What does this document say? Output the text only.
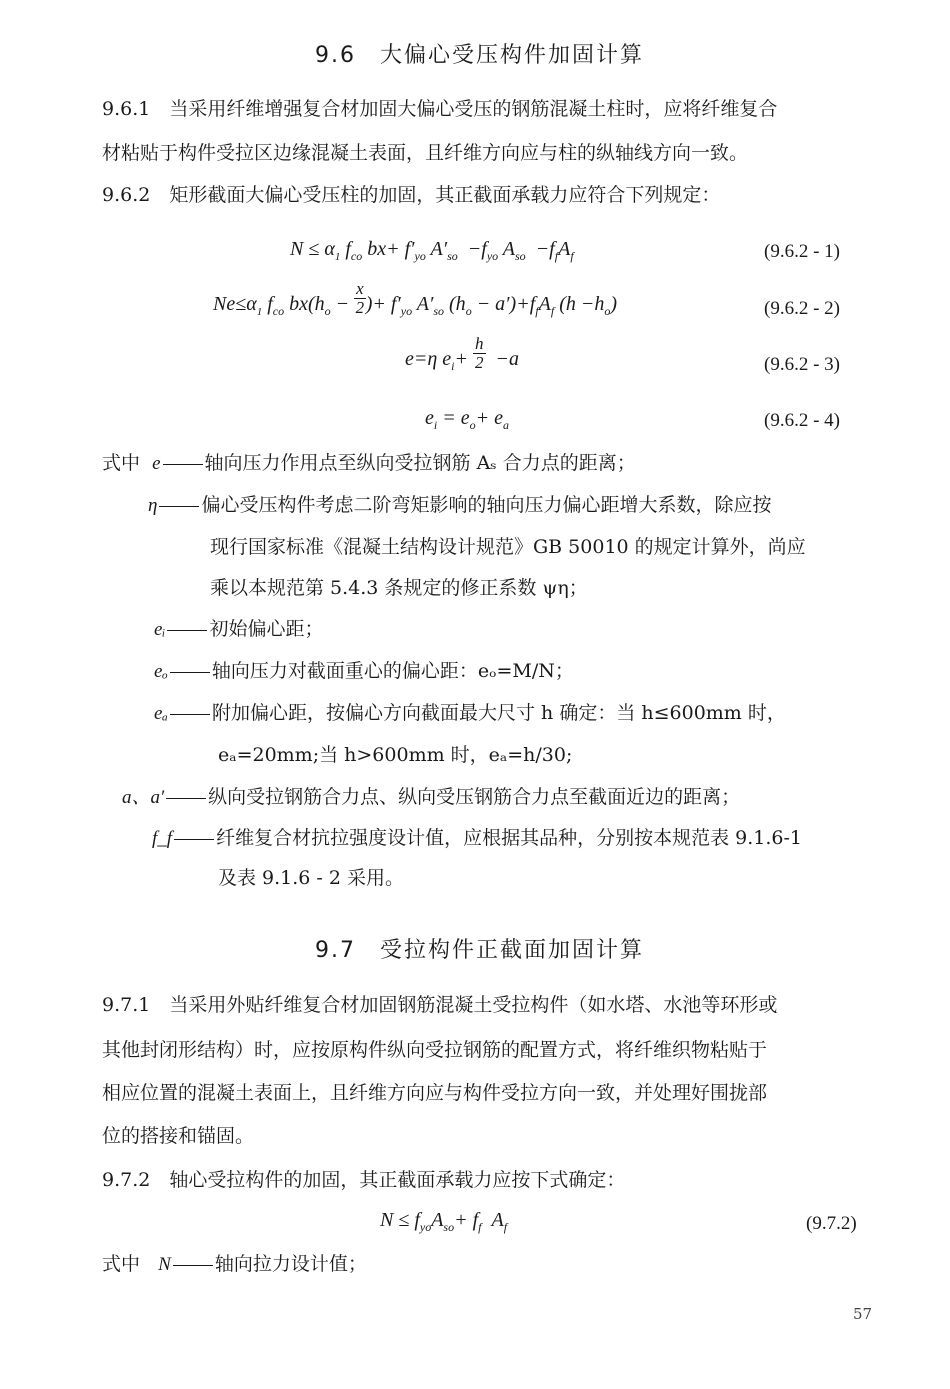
9.6　大偏心受压构件加固计算
9.6.1　当采用纤维增强复合材加固大偏心受压的钢筋混凝土柱时，应将纤维复合
材粘贴于构件受拉区边缘混凝土表面，且纤维方向应与柱的纵轴线方向一致。
9.6.2　矩形截面大偏心受压柱的加固，其正截面承载力应符合下列规定：
$N \le \alpha_1$ $f_{co}$ $bx+ f'_{yo}$ $A'_{so} -f_{yo}$ $A_{so} -f_fA_f$	(9.6.2 - 1)
$Ne\le\alpha_1$ $f_{co}$ $bx(h_o - \frac{x}{2}$ )+ $f'_{yo}$ $A'_{so}$ $(h_o - a')+f_fA_f$ $(h -h_o)$	(9.6.2 - 2)
e=η $e_i+ \frac{h}{2} -a$	(9.6.2 - 3)
$e_i = e_o+ e_a$	(9.6.2 - 4)
式中 e 轴向压力作用点至纵向受拉钢筋 Aₛ 合力点的距离；
η 偏心受压构件考虑二阶弯矩影响的轴向压力偏心距增大系数，除应按
现行国家标准《混凝土结构设计规范》GB 50010 的规定计算外，尚应
乘以本规范第 5.4.3 条规定的修正系数 ψη；
eᵢ 初始偏心距；
eₒ 轴向压力对截面重心的偏心距：eₒ=M/N；
eₐ 附加偏心距，按偏心方向截面最大尺寸 h 确定：当 h≤600mm 时，
eₐ=20mm;当 h>600mm 时，eₐ=h/30;
a、a′ 纵向受拉钢筋合力点、纵向受压钢筋合力点至截面近边的距离；
f_f 纤维复合材抗拉强度设计值，应根据其品种，分别按本规范表 9.1.6-1
及表 9.1.6 - 2 采用。
9.7　受拉构件正截面加固计算
9.7.1　当采用外贴纤维复合材加固钢筋混凝土受拉构件（如水塔、水池等环形或
其他封闭形结构）时，应按原构件纵向受拉钢筋的配置方式，将纤维织物粘贴于
相应位置的混凝土表面上，且纤维方向应与构件受拉方向一致，并处理好围拢部
位的搭接和锚固。
9.7.2　轴心受拉构件的加固，其正截面承载力应按下式确定：
$N \le f_{yo}A_{so}+ f_f$  $A_f$	(9.7.2)
式中 N 轴向拉力设计值；
57
